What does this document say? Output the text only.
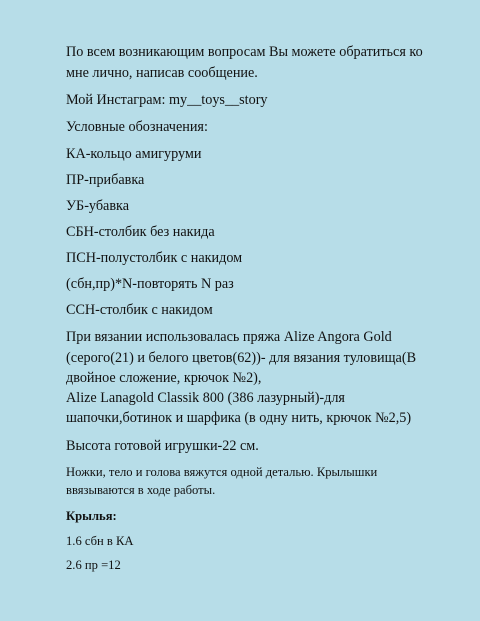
По всем возникающим вопросам Вы можете обратиться ко

мне лично, написав сообщение.

Мой Инстаграм: my__toys__story

Условные обозначения:

КА-кольцо амигуруми

ПР-прибавка

УБ-убавка

СБН-столбик без накида

ПСН-полустолбик с накидом

(сбн,пр)*N-повторять N раз

ССН-столбик с накидом

При вязании использовалась пряжа Alize Angora Gold

(серого(21) и белого цветов(62))- для вязания туловища(В

двойное сложение, крючок №2),

Alize Lanagold Classik 800 (386 лазурный)-для

шапочки,ботинок и шарфика (в одну нить, крючок №2,5)

Высота готовой игрушки-22 см.

Ножки, тело и голова вяжутся одной деталью. Крылышки

ввязываются в ходе работы.

Крылья:

1.6 сбн в КА

2.6 пр =12
